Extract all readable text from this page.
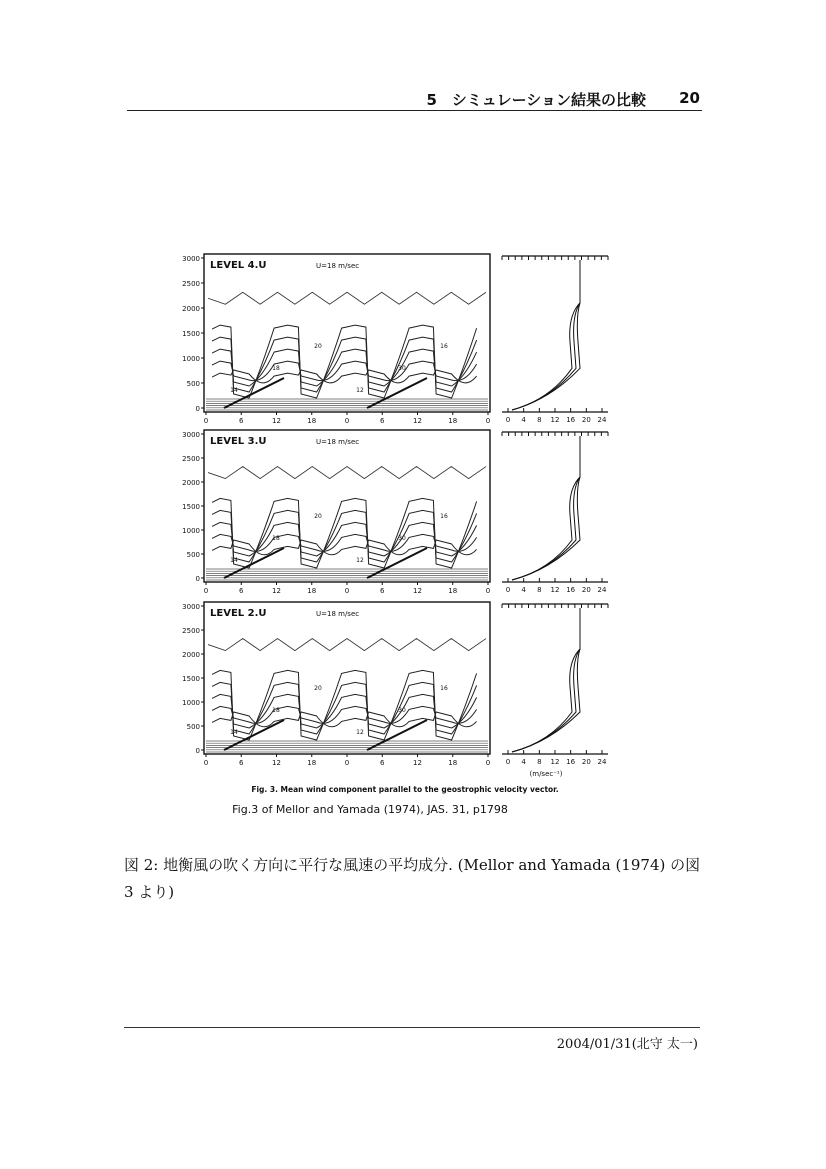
5　シミュレーション結果の比較 20
LEVEL 4.U	U=18 m/sec
3000
2500
2000
1500
1000
500
0
0	6	12	18	0	6	12	18	0
14
18
20
12
30
16
0 4 8 12 16 20 24
LEVEL 3.U	U=18 m/sec
3000
2500
2000
1500
1000
500
0
0	6	12	18	0	6	12	18	0
14
18
20
12
30
16
0 4 8 12 16 20 24
LEVEL 2.U	U=18 m/sec
3000
2500
2000
1500
1000
500
0
0	6	12	18	0	6	12	18	0
14
18
20
12
30
16
0 4 8 12 16 20 24
(m/sec⁻¹)
Fig. 3. Mean wind component parallel to the geostrophic velocity vector.
Fig.3 of Mellor and Yamada (1974), JAS. 31, p1798
図 2: 地衡風の吹く方向に平行な風速の平均成分. (Mellor and Yamada (1974) の図 3 より)
2004/01/31(北守 太一)
